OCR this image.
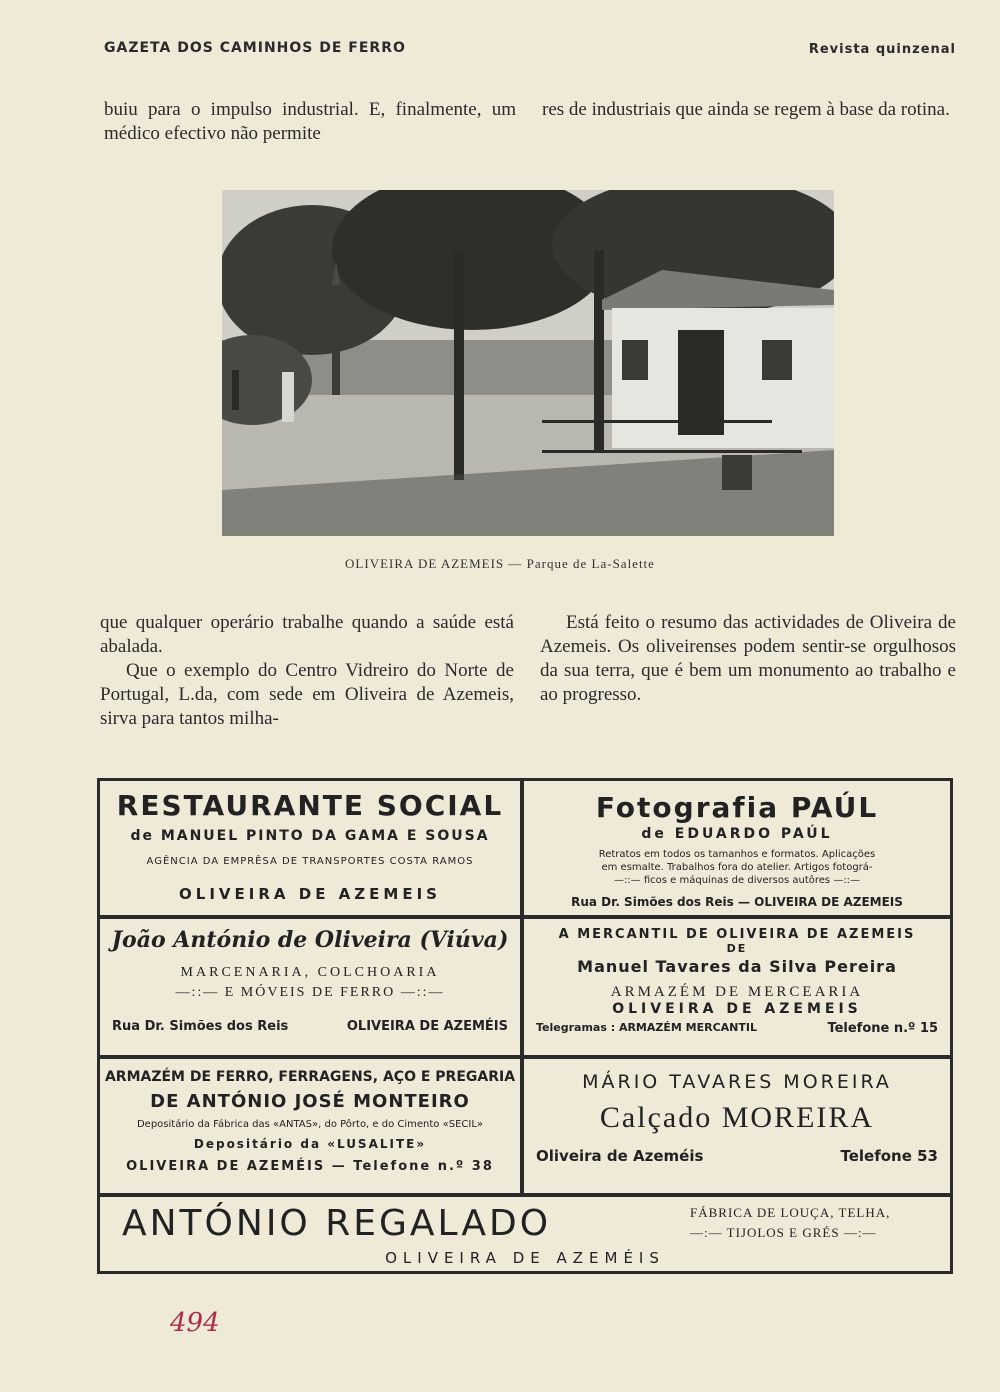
GAZETA DOS CAMINHOS DE FERRO	Revista quinzenal

buiu para o impulso industrial. E, finalmente, um médico efectivo não permite

res de industriais que ainda se regem à base da rotina.

OLIVEIRA DE AZEMEIS — Parque de La-Salette

que qualquer operário trabalhe quando a saúde está abalada.

Que o exemplo do Centro Vidreiro do Norte de Portugal, L.da, com sede em Oliveira de Azemeis, sirva para tantos milha-

Está feito o resumo das actividades de Oliveira de Azemeis. Os oliveirenses podem sentir-se orgulhosos da sua terra, que é bem um monumento ao trabalho e ao progresso.

RESTAURANTE SOCIAL
de MANUEL PINTO DA GAMA E SOUSA
AGÊNCIA DA EMPRÊSA DE TRANSPORTES COSTA RAMOS
OLIVEIRA DE AZEMEIS
Fotografia PAÚL
de EDUARDO PAÚL
Retratos em todos os tamanhos e formatos. Aplicações
em esmalte. Trabalhos fora do atelier. Artigos fotográ-
—::— ficos e máquinas de diversos autôres —::—
Rua Dr. Simões dos Reis — OLIVEIRA DE AZEMEIS
João António de Oliveira (Viúva)
MARCENARIA, COLCHOARIA
—::— E MÓVEIS DE FERRO —::—
Rua Dr. Simões dos Reis	OLIVEIRA DE AZEMÉIS
A MERCANTIL DE OLIVEIRA DE AZEMEIS
DE
Manuel Tavares da Silva Pereira
ARMAZÉM DE MERCEARIA
OLIVEIRA DE AZEMEIS
Telegramas : ARMAZÉM MERCANTIL	Telefone n.º 15
ARMAZÉM DE FERRO, FERRAGENS, AÇO E PREGARIA
DE ANTÓNIO JOSÉ MONTEIRO
Depositário da Fábrica das «ANTAS», do Pôrto, e do Cimento «SECIL»
Depositário da «LUSALITE»
OLIVEIRA DE AZEMÉIS — Telefone n.º 38
MÁRIO TAVARES MOREIRA
Calçado MOREIRA
Oliveira de Azeméis	Telefone 53
ANTÓNIO REGALADO	FÁBRICA DE LOUÇA, TELHA,
—:— TIJOLOS E GRÉS —:—
OLIVEIRA DE AZEMÉIS
494
